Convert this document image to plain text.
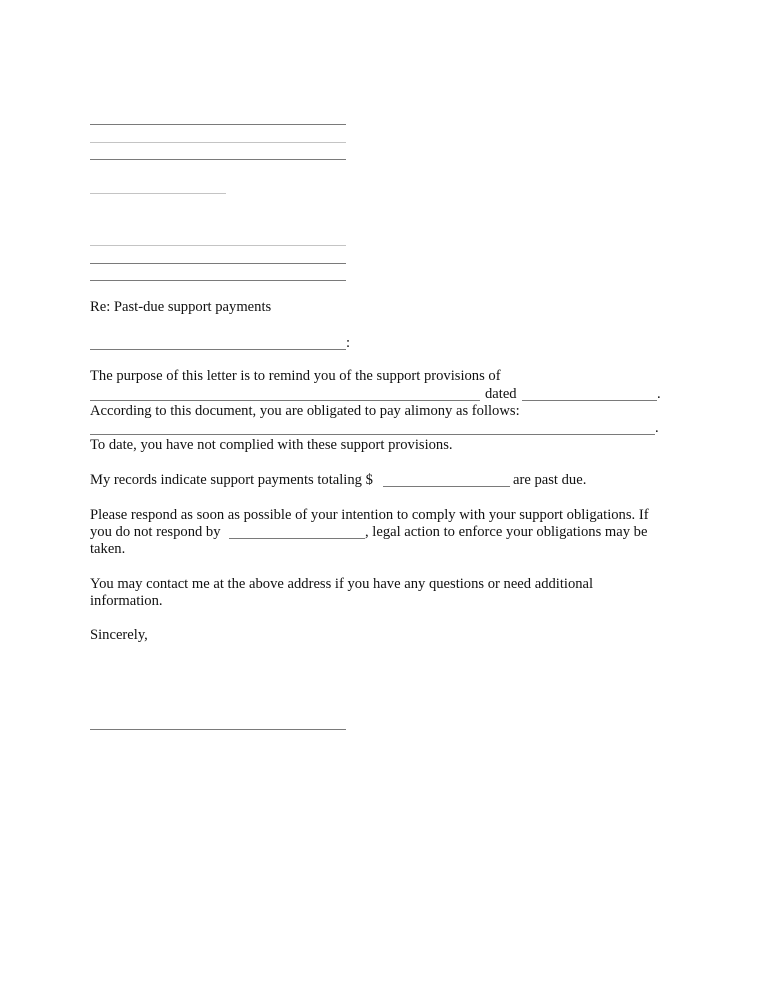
Re: Past-due support payments
:
The purpose of this letter is to remind you of the support provisions of
dated	.
According to this document, you are obligated to pay alimony as follows:
.
To date, you have not complied with these support provisions.
My records indicate support payments totaling $	are past due.
Please respond as soon as possible of your intention to comply with your support obligations. If
you do not respond by	, legal action to enforce your obligations may be
taken.
You may contact me at the above address if you have any questions or need additional
information.
Sincerely,
